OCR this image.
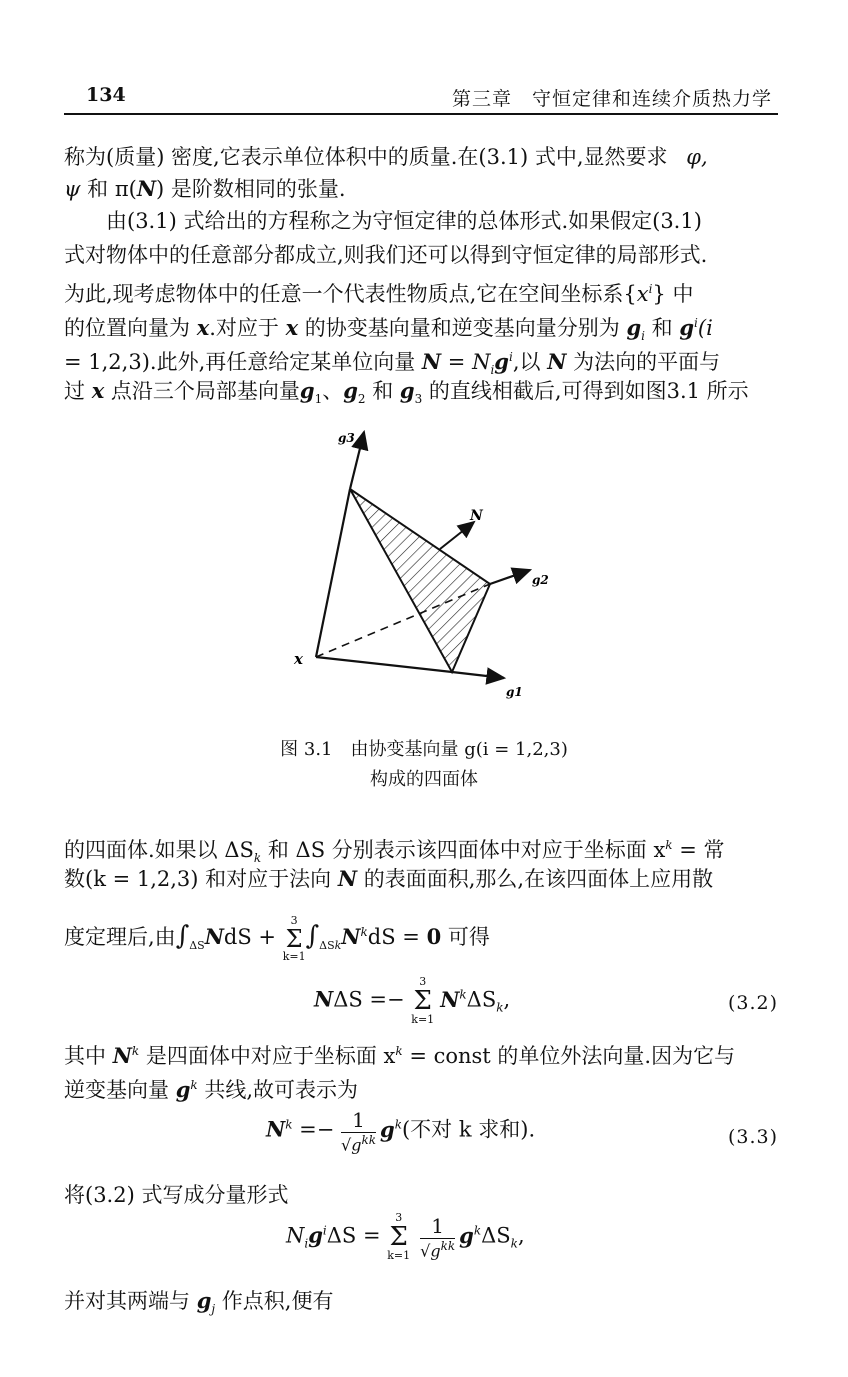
134	第三章　守恒定律和连续介质热力学
称为(质量) 密度,它表示单位体积中的质量.在(3.1) 式中,显然要求 φ,
ψ 和 π(N) 是阶数相同的张量.
由(3.1) 式给出的方程称之为守恒定律的总体形式.如果假定(3.1)
式对物体中的任意部分都成立,则我们还可以得到守恒定律的局部形式.
为此,现考虑物体中的任意一个代表性物质点,它在空间坐标系$\{x^i\}$ 中
的位置向量为 x.对应于 x 的协变基向量和逆变基向量分别为 $g_i$ 和 $g^i(i$
= 1,2,3).此外,再任意给定某单位向量 $N = N_ig^i$,以 N 为法向的平面与
过 x 点沿三个局部基向量$g_1$、$g_2$ 和 $g_3$ 的直线相截后,可得到如图3.1 所示
g3
N
g2
x
g1
图 3.1　由协变基向量 g(i = 1,2,3)
构成的四面体
的四面体.如果以 $\Delta S_k$ 和 ΔS 分别表示该四面体中对应于坐标面 $x^k$ = 常
数(k = 1,2,3) 和对应于法向 N 的表面面积,那么,在该四面体上应用散
度定理后,由$\int_{\Delta S}NdS$ +
3
Σ
k=1
$\int_{\Delta Sk}N^kdS = 0$ 可得
NΔS =−
3
Σ
k=1
$N^k\Delta S_k$,	(3.2)
其中 $N^k$ 是四面体中对应于坐标面 $x^k$ = const 的单位外法向量.因为它与
逆变基向量 $g^k$ 共线,故可表示为
$N^k =- \frac{1}{√g^{kk}} g^k$(不对 k 求和).	(3.3)
将(3.2) 式写成分量形式
$N_ig^i\Delta S$ =
3
Σ
$k=1 \frac{1}{√g^{kk}} g^k\Delta S_k$,
并对其两端与 $g_j$ 作点积,便有
